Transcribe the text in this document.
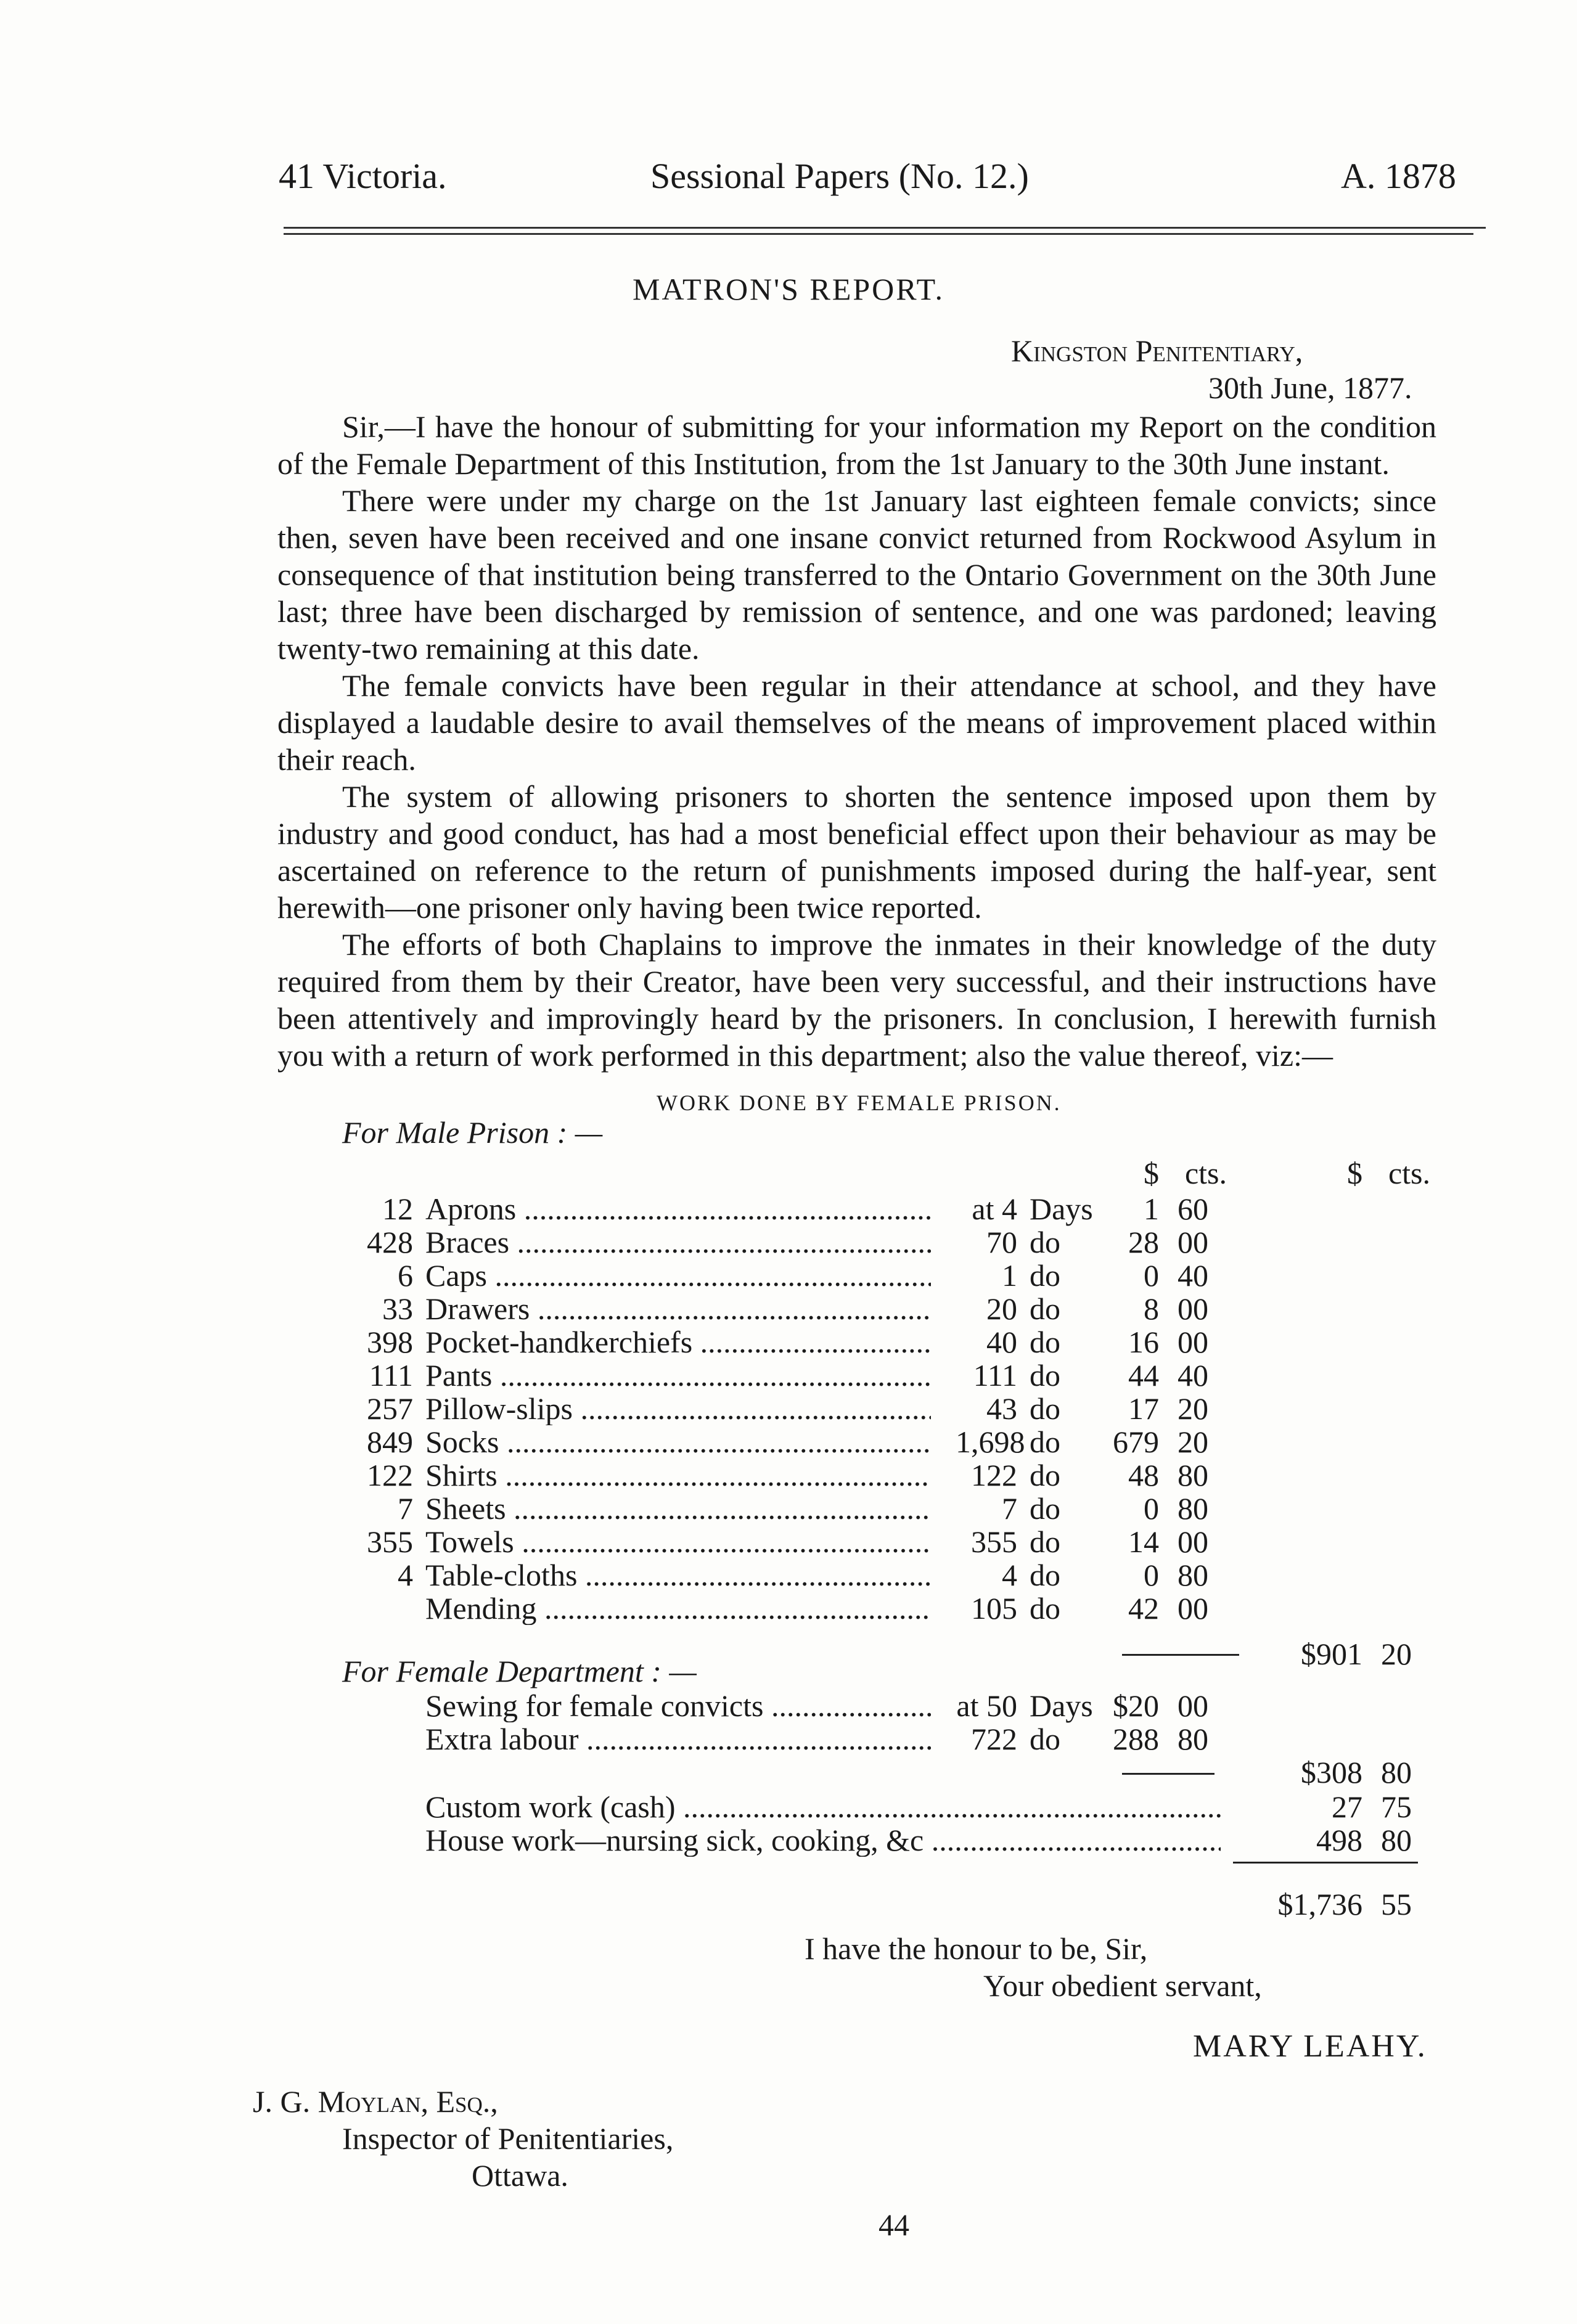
41 Victoria.	Sessional Papers (No. 12.)	A. 1878
MATRON'S REPORT.
Kingston Penitentiary,
30th June, 1877.

Sir,—I have the honour of submitting for your information my Report on the condition of the Female Department of this Institution, from the 1st January to the 30th June instant.

There were under my charge on the 1st January last eighteen female convicts; since then, seven have been received and one insane convict returned from Rockwood Asylum in consequence of that institution being transferred to the Ontario Government on the 30th June last; three have been discharged by remission of sentence, and one was pardoned; leaving twenty-two remaining at this date.

The female convicts have been regular in their attendance at school, and they have displayed a laudable desire to avail themselves of the means of improvement placed within their reach.

The system of allowing prisoners to shorten the sentence imposed upon them by industry and good conduct, has had a most beneficial effect upon their behaviour as may be ascertained on reference to the return of punishments imposed during the half-year, sent herewith—one prisoner only having been twice reported.

The efforts of both Chaplains to improve the inmates in their knowledge of the duty required from them by their Creator, have been very successful, and their instructions have been attentively and improvingly heard by the prisoners. In conclusion, I herewith furnish you with a return of work performed in this department; also the value thereof, viz:—

WORK DONE BY FEMALE PRISON.
For Male Prison : —
$ cts.	$ cts.
12 Aprons .....	at 4 Days	1 60
428 Braces .....	70 do	28 00
6 Caps .....	1 do	0 40
33 Drawers .....	20 do	8 00
398 Pocket-handkerchiefs .....	40 do	16 00
111 Pants .....	111 do	44 40
257 Pillow-slips .....	43 do	17 20
849 Socks .....	1,698 do	679 20
122 Shirts .....	122 do	48 80
7 Sheets .....	7 do	0 80
355 Towels .....	355 do	14 00
4 Table-cloths .....	4 do	0 80
Mending .....	105 do	42 00
$901 20
For Female Department : —
Sewing for female convicts .....	at 50 Days $20 00
Extra labour .....	722 do	288 80
$308 80
Custom work (cash) .....	27 75
House work—nursing sick, cooking, &c .....	498 80
$1,736 55
I have the honour to be, Sir,
Your obedient servant,
MARY LEAHY.
J. G. Moylan, Esq.,
Inspector of Penitentiaries,
Ottawa.
44
